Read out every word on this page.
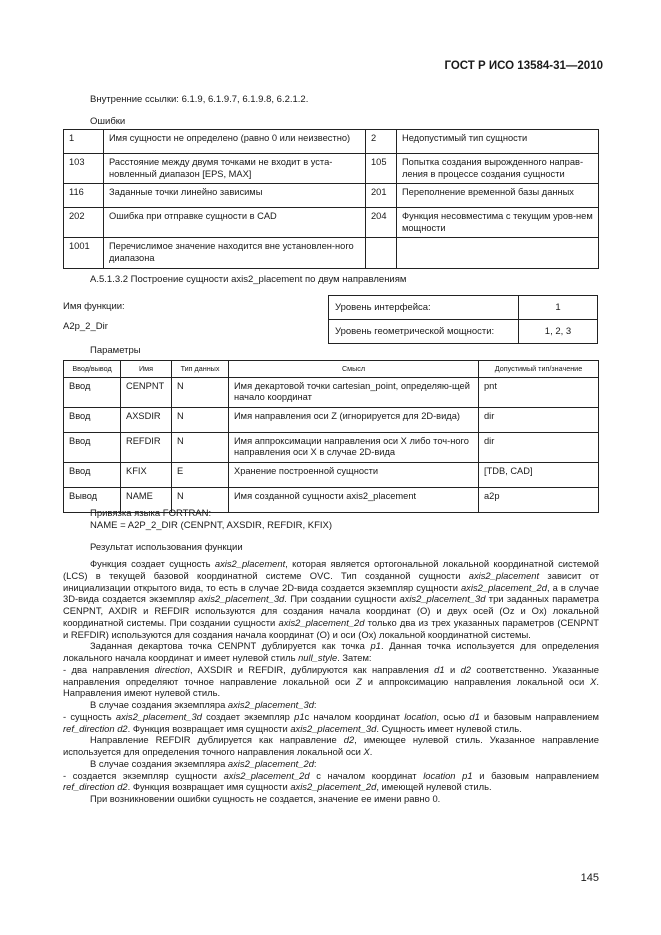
ГОСТ Р ИСО 13584-31—2010
Внутренние ссылки: 6.1.9, 6.1.9.7, 6.1.9.8, 6.2.1.2.
Ошибки
1	Имя сущности не определено (равно 0 или неизвестно)	2	Недопустимый тип сущности
103	Расстояние между двумя точками не входит в уста-новленный диапазон [EPS, MAX]	105	Попытка создания вырожденного направ-ления в процессе создания сущности
116	Заданные точки линейно зависимы	201	Переполнение временной базы данных
202	Ошибка при отправке сущности в CAD	204	Функция несовместима с текущим уров-нем мощности
1001	Перечислимое значение находится вне установлен-ного диапазона		
A.5.1.3.2 Построение сущности axis2_placement по двум направлениям
Имя функции:
A2p_2_Dir
Уровень интерфейса:	1
Уровень геометрической мощности:	1, 2, 3
Параметры
Ввод/вывод	Имя	Тип данных	Смысл	Допустимый тип/значение
Ввод	CENPNT	N	Имя декартовой точки cartesian_point, определяю-щей начало координат	pnt
Ввод	AXSDIR	N	Имя направления оси Z (игнорируется для 2D-вида)	dir
Ввод	REFDIR	N	Имя аппроксимации направления оси X либо точ-ного направления оси X в случае 2D-вида	dir
Ввод	KFIX	E	Хранение построенной сущности	[TDB, CAD]
Вывод	NAME	N	Имя созданной сущности axis2_placement	a2p
Привязка языка FORTRAN:
NAME = A2P_2_DIR (CENPNT, AXSDIR, REFDIR, KFIX)
Результат использования функции

Функция создает сущность axis2_placement, которая является ортогональной локальной координатной системой (LCS) в текущей базовой координатной системе OVC. Тип созданной сущности axis2_placement зависит от инициализации открытого вида, то есть в случае 2D-вида создается экземпляр сущности axis2_placement_2d, а в случае 3D-вида создается экземпляр axis2_placement_3d. При создании сущности axis2_placement_3d три заданных параметра CENPNT, AXDIR и REFDIR используются для создания начала координат (O) и двух осей (Oz и Ox) локальной координатной системы. При создании сущности axis2_placement_2d только два из трех указанных параметров (CENPNT и REFDIR) используются для создания начала координат (O) и оси (Ox) локальной координатной системы.

Заданная декартова точка CENPNT дублируется как точка p1. Данная точка используется для определения локального начала координат и имеет нулевой стиль null_style. Затем:

- два направления direction, AXSDIR и REFDIR, дублируются как направления d1 и d2 соответственно. Указанные направления определяют точное направление локальной оси Z и аппроксимацию направления локальной оси X. Направления имеют нулевой стиль.

В случае создания экземпляра axis2_placement_3d:

- сущность axis2_placement_3d создает экземпляр p1c началом координат location, осью d1 и базовым направлением ref_direction d2. Функция возвращает имя сущности axis2_placement_3d. Сущность имеет нулевой стиль.

Направление REFDIR дублируется как направление d2, имеющее нулевой стиль. Указанное направление используется для определения точного направления локальной оси X.

В случае создания экземпляра axis2_placement_2d:

- создается экземпляр сущности axis2_placement_2d с началом координат location p1 и базовым направлением ref_direction d2. Функция возвращает имя сущности axis2_placement_2d, имеющей нулевой стиль.

При возникновении ошибки сущность не создается, значение ее имени равно 0.

145
